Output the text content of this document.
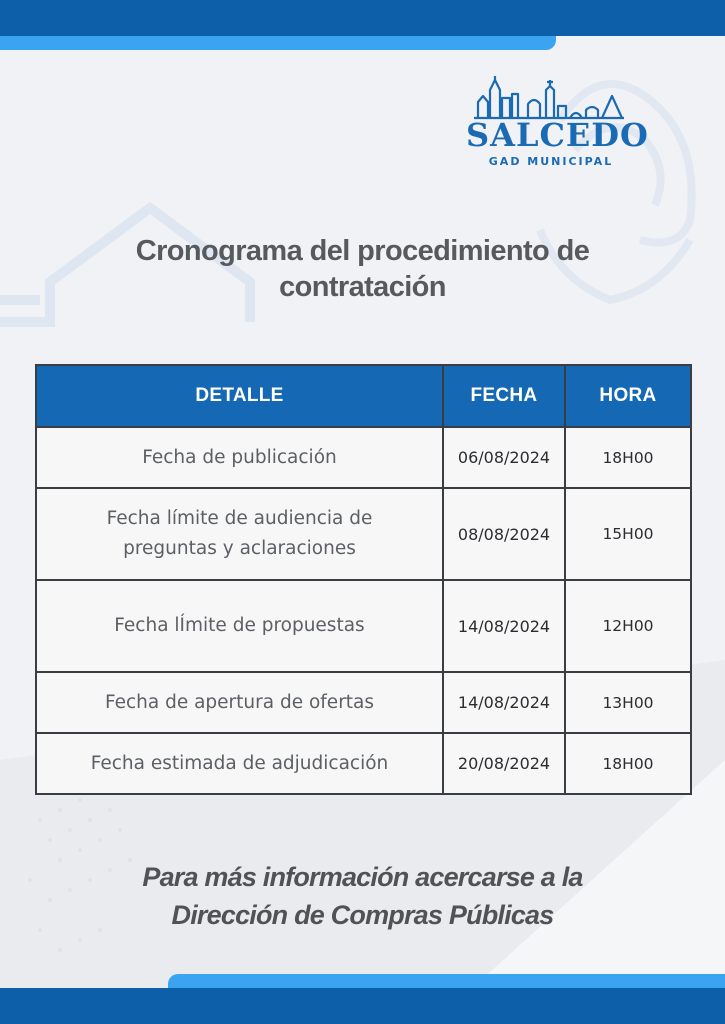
SALCEDO
GAD MUNICIPAL
Cronograma del procedimiento de
contratación
DETALLE	FECHA	HORA
Fecha de publicación	06/08/2024	18H00
Fecha límite de audiencia de preguntas y aclaraciones	08/08/2024	15H00
Fecha lÍmite de propuestas	14/08/2024	12H00
Fecha de apertura de ofertas	14/08/2024	13H00
Fecha estimada de adjudicación	20/08/2024	18H00

Para más información acercarse a la
Dirección de Compras Públicas
